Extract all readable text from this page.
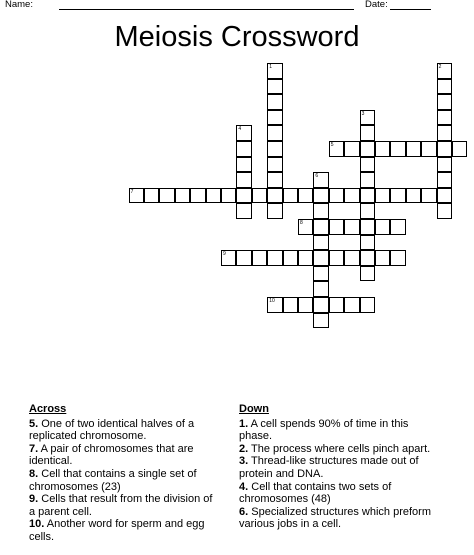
Name:	Date:
Meiosis Crossword
1	2
3
4
5
6
7
8
9
10
Across
5. One of two identical halves of a replicated chromosome.
7. A pair of chromosomes that are identical.
8. Cell that contains a single set of chromosomes (23)
9. Cells that result from the division of a parent cell.
10. Another word for sperm and egg cells.
Down
1. A cell spends 90% of time in this phase.
2. The process where cells pinch apart.
3. Thread-like structures made out of protein and DNA.
4. Cell that contains two sets of chromosomes (48)
6. Specialized structures which preform various jobs in a cell.
